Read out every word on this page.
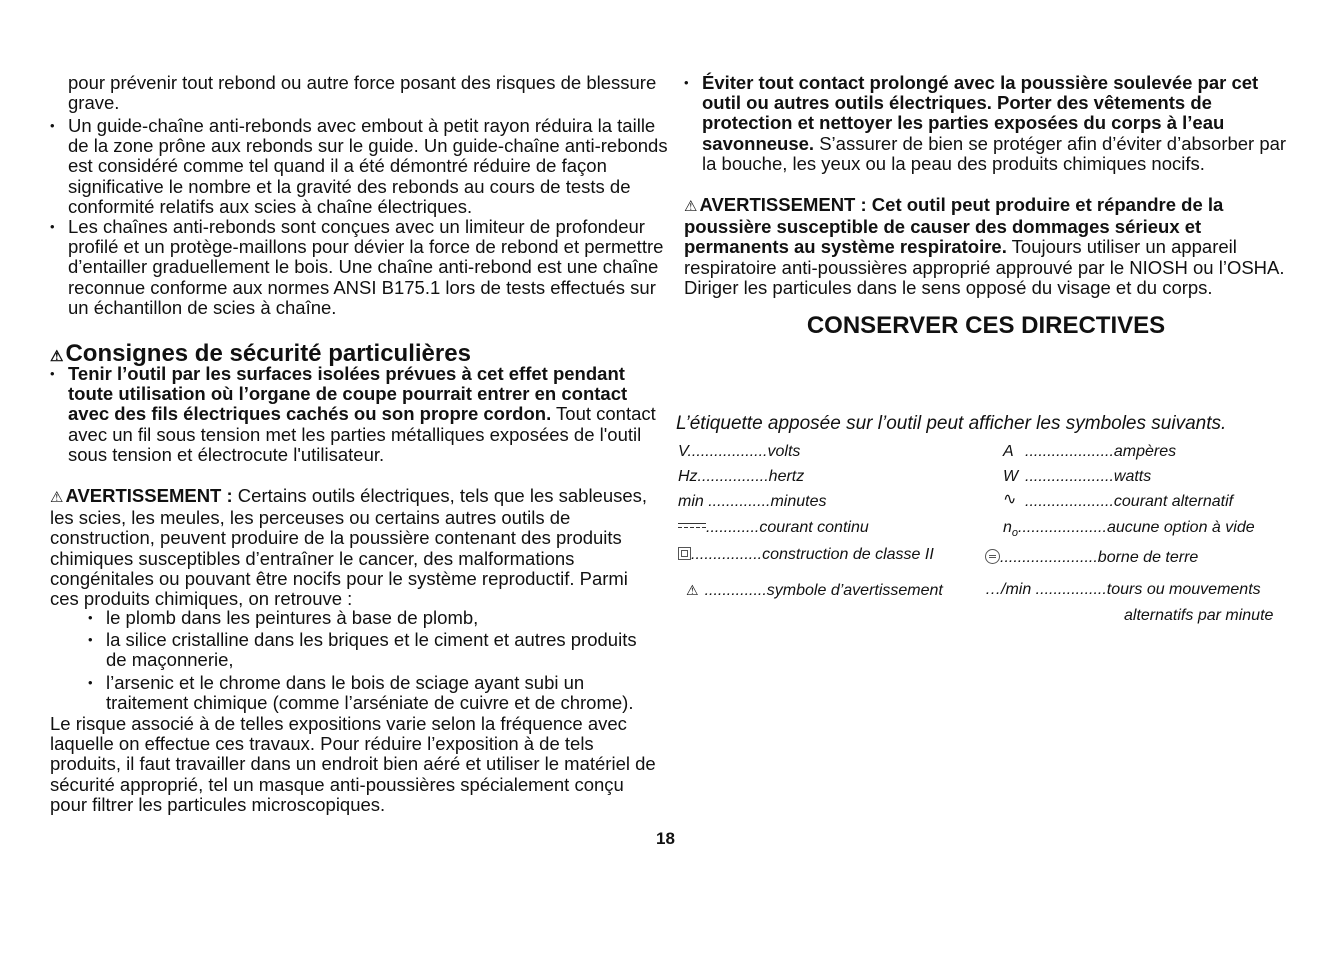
pour prévenir tout rebond ou autre force posant des risques de blessure grave.
• Un guide-chaîne anti-rebonds avec embout à petit rayon réduira la taille de la zone prône aux rebonds sur le guide. Un guide-chaîne anti-rebonds est considéré comme tel quand il a été démontré réduire de façon significative le nombre et la gravité des rebonds au cours de tests de conformité relatifs aux scies à chaîne électriques.
• Les chaînes anti-rebonds sont conçues avec un limiteur de profondeur profilé et un protège-maillons pour dévier la force de rebond et permettre d’entailler graduellement le bois. Une chaîne anti-rebond est une chaîne reconnue conforme aux normes ANSI B175.1 lors de tests effectués sur un échantillon de scies à chaîne.
⚠Consignes de sécurité particulières
• Tenir l’outil par les surfaces isolées prévues à cet effet pendant toute utilisation où l’organe de coupe pourrait entrer en contact avec des fils électriques cachés ou son propre cordon. Tout contact avec un fil sous tension met les parties métalliques exposées de l'outil sous tension et électrocute l'utilisateur.
⚠ AVERTISSEMENT : Certains outils électriques, tels que les sableuses, les scies, les meules, les perceuses ou certains autres outils de construction, peuvent produire de la poussière contenant des produits chimiques susceptibles d’entraîner le cancer, des malformations congénitales ou pouvant être nocifs pour le système reproductif. Parmi ces produits chimiques, on retrouve :
• le plomb dans les peintures à base de plomb,
• la silice cristalline dans les briques et le ciment et autres produits de maçonnerie,
• l’arsenic et le chrome dans le bois de sciage ayant subi un traitement chimique (comme l’arséniate de cuivre et de chrome).
Le risque associé à de telles expositions varie selon la fréquence avec laquelle on effectue ces travaux. Pour réduire l’exposition à de tels produits, il faut travailler dans un endroit bien aéré et utiliser le matériel de sécurité approprié, tel un masque anti-poussières spécialement conçu pour filtrer les particules microscopiques.
• Éviter tout contact prolongé avec la poussière soulevée par cet outil ou autres outils électriques. Porter des vêtements de protection et nettoyer les parties exposées du corps à l’eau savonneuse. S’assurer de bien se protéger afin d’éviter d’absorber par la bouche, les yeux ou la peau des produits chimiques nocifs.
⚠ AVERTISSEMENT : Cet outil peut produire et répandre de la poussière susceptible de causer des dommages sérieux et permanents au système respiratoire. Toujours utiliser un appareil respiratoire anti-poussières approprié approuvé par le NIOSH ou l’OSHA. Diriger les particules dans le sens opposé du visage et du corps.
CONSERVER CES DIRECTIVES
L’étiquette apposée sur l’outil peut afficher les symboles suivants.
V..................volts	A ....................ampères
Hz................hertz	W ....................watts
min ..............minutes	∿ ....................courant alternatif
............courant continu	$n_o....................aucune$ option à vide
................construction de classe II	......................borne de terre
⚠ ..............symbole d’avertissement	…/min ................tours ou mouvements
alternatifs par minute
18
